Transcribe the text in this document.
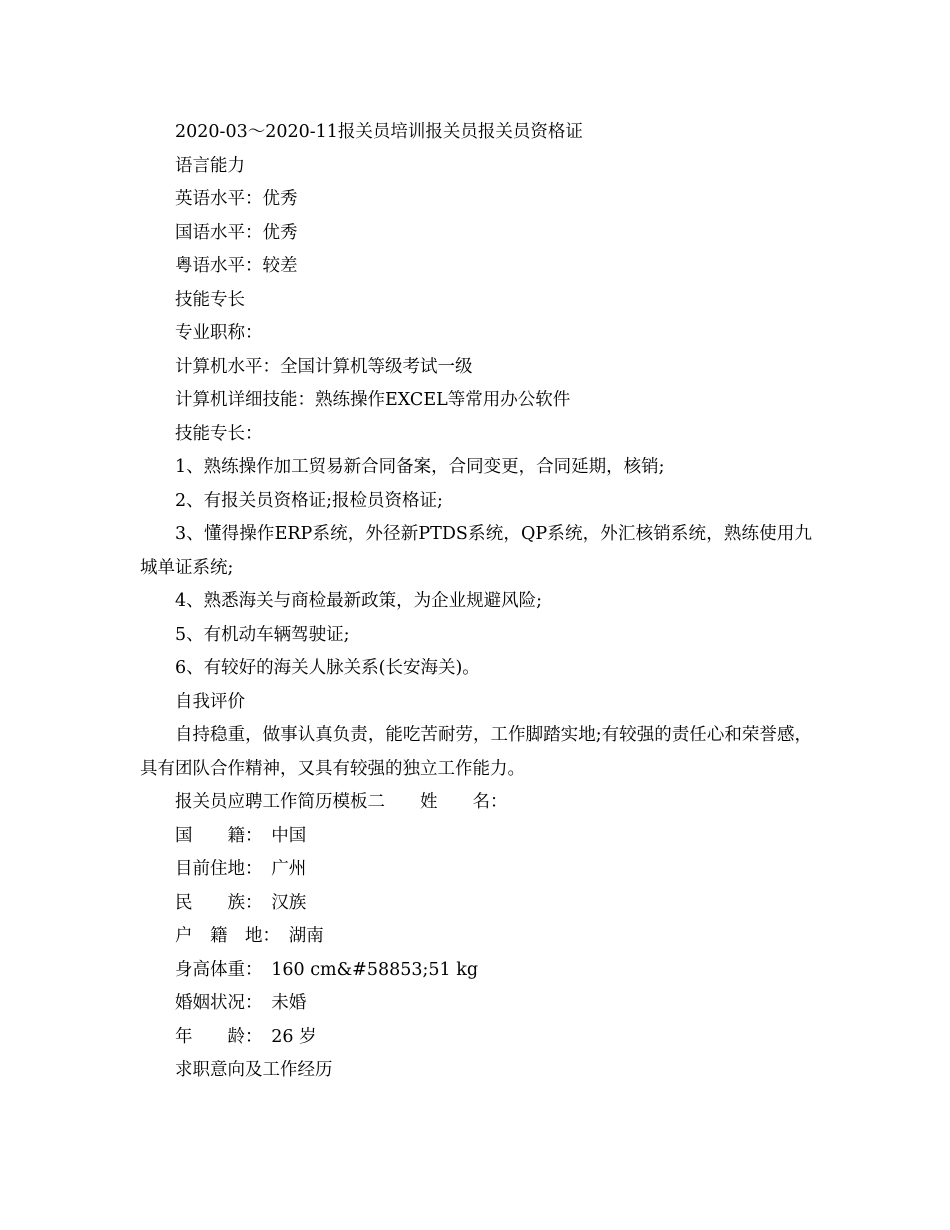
2020-03～2020-11报关员培训报关员报关员资格证

语言能力

英语水平：优秀

国语水平：优秀

粤语水平：较差

技能专长

专业职称：

计算机水平：全国计算机等级考试一级

计算机详细技能：熟练操作EXCEL等常用办公软件

技能专长：

1、熟练操作加工贸易新合同备案，合同变更，合同延期，核销;

2、有报关员资格证;报检员资格证;

3、懂得操作ERP系统，外径新PTDS系统，QP系统，外汇核销系统，熟练使用九城单证系统;

4、熟悉海关与商检最新政策，为企业规避风险;

5、有机动车辆驾驶证;

6、有较好的海关人脉关系(长安海关)。

自我评价

自持稳重，做事认真负责，能吃苦耐劳，工作脚踏实地;有较强的责任心和荣誉感，具有团队合作精神，又具有较强的独立工作能力。

报关员应聘工作简历模板二　　姓　　名：

国　　籍：　中国

目前住地：　广州

民　　族：　汉族

户　籍　地：　湖南

身高体重：　160 cm&#58853;51 kg

婚姻状况：　未婚

年　　龄：　26 岁

求职意向及工作经历
